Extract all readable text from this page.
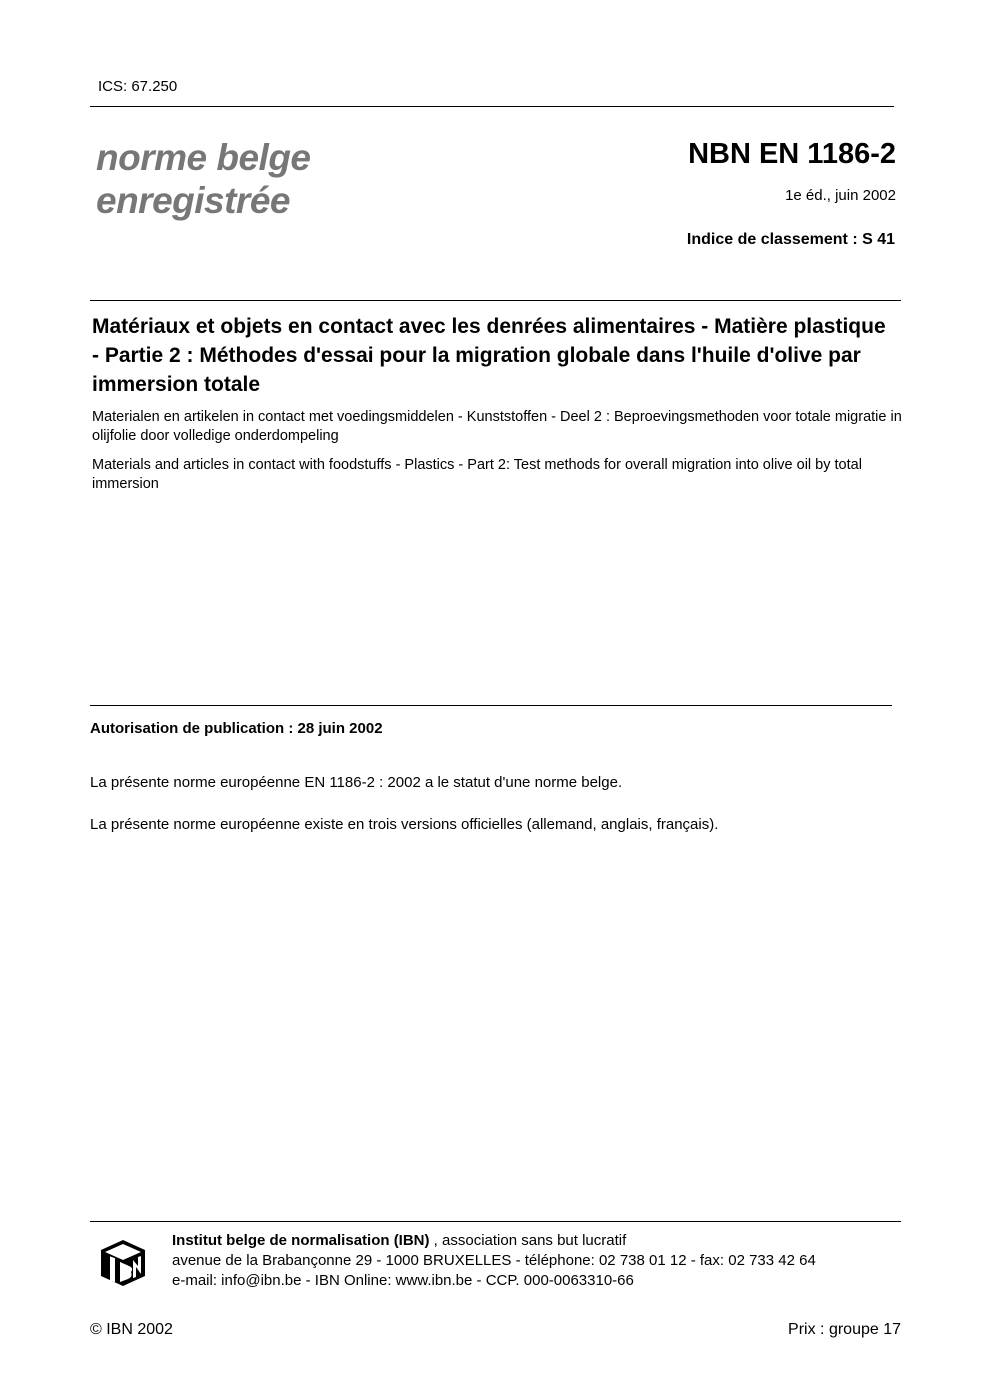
ICS: 67.250
norme belge
enregistrée
NBN EN 1186-2
1e éd., juin 2002
Indice de classement : S 41
Matériaux et objets en contact avec les denrées alimentaires - Matière plastique - Partie 2 : Méthodes d'essai pour la migration globale dans l'huile d'olive par immersion totale
Materialen en artikelen in contact met voedingsmiddelen - Kunststoffen - Deel 2 : Beproevingsmethoden voor totale migratie in olijfolie door volledige onderdompeling
Materials and articles in contact with foodstuffs - Plastics - Part 2: Test methods for overall migration into olive oil by total immersion
Autorisation de publication : 28 juin 2002
La présente norme européenne EN 1186-2 : 2002 a le statut d'une norme belge.
La présente norme européenne existe en trois versions officielles (allemand, anglais, français).
Institut belge de normalisation (IBN) , association sans but lucratif
avenue de la Brabançonne 29 - 1000 BRUXELLES - téléphone: 02 738 01 12 - fax: 02 733 42 64
e-mail: info@ibn.be - IBN Online: www.ibn.be - CCP. 000-0063310-66
© IBN 2002	Prix : groupe 17
